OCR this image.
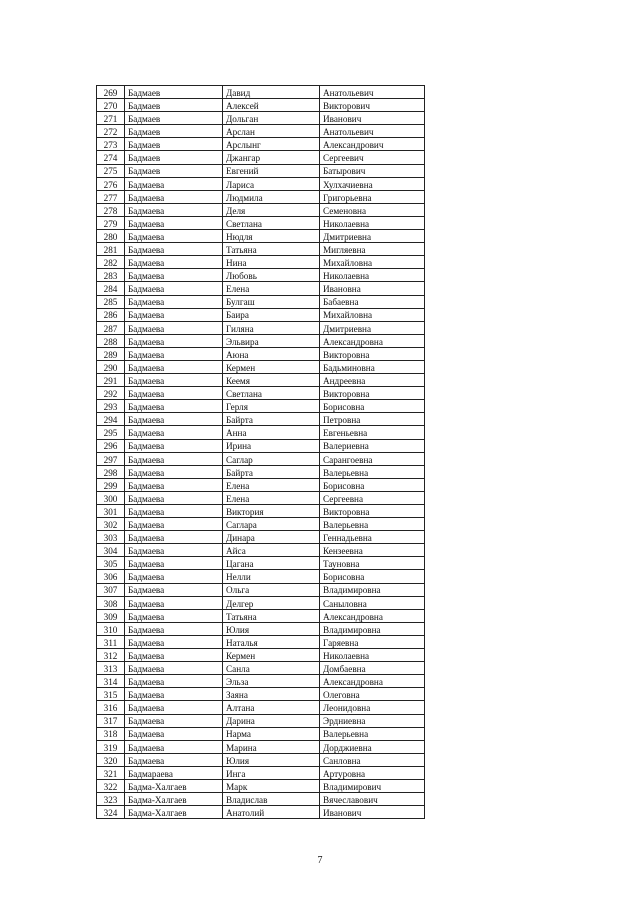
269	Бадмаев	Давид	Анатольевич
270	Бадмаев	Алексей	Викторович
271	Бадмаев	Дольган	Иванович
272	Бадмаев	Арслан	Анатольевич
273	Бадмаев	Арслынг	Александрович
274	Бадмаев	Джангар	Сергеевич
275	Бадмаев	Евгений	Батырович
276	Бадмаева	Лариса	Хулхачиевна
277	Бадмаева	Людмила	Григорьевна
278	Бадмаева	Деля	Семеновна
279	Бадмаева	Светлана	Николаевна
280	Бадмаева	Нюдля	Дмитриевна
281	Бадмаева	Татьяна	Мигляевна
282	Бадмаева	Нина	Михайловна
283	Бадмаева	Любовь	Николаевна
284	Бадмаева	Елена	Ивановна
285	Бадмаева	Булгаш	Бабаевна
286	Бадмаева	Баира	Михайловна
287	Бадмаева	Гиляна	Дмитриевна
288	Бадмаева	Эльвира	Александровна
289	Бадмаева	Аюна	Викторовна
290	Бадмаева	Кермен	Бадьминовна
291	Бадмаева	Кеемя	Андреевна
292	Бадмаева	Светлана	Викторовна
293	Бадмаева	Герля	Борисовна
294	Бадмаева	Байрта	Петровна
295	Бадмаева	Анна	Евгеньевна
296	Бадмаева	Ирина	Валериевна
297	Бадмаева	Саглар	Сарангоевна
298	Бадмаева	Байрта	Валерьевна
299	Бадмаева	Елена	Борисовна
300	Бадмаева	Елена	Сергеевна
301	Бадмаева	Виктория	Викторовна
302	Бадмаева	Саглара	Валерьевна
303	Бадмаева	Динара	Геннадьевна
304	Бадмаева	Айса	Кензеевна
305	Бадмаева	Цагана	Тауновна
306	Бадмаева	Нелли	Борисовна
307	Бадмаева	Ольга	Владимировна
308	Бадмаева	Делгер	Саныловна
309	Бадмаева	Татьяна	Александровна
310	Бадмаева	Юлия	Владимировна
311	Бадмаева	Наталья	Гаряевна
312	Бадмаева	Кермен	Николаевна
313	Бадмаева	Санла	Домбаевна
314	Бадмаева	Эльза	Александровна
315	Бадмаева	Заяна	Олеговна
316	Бадмаева	Алтана	Леонидовна
317	Бадмаева	Дарина	Эрдниевна
318	Бадмаева	Нарма	Валерьевна
319	Бадмаева	Марина	Дорджиевна
320	Бадмаева	Юлия	Санловна
321	Бадмараева	Инга	Артуровна
322	Бадма-Халгаев	Марк	Владимирович
323	Бадма-Халгаев	Владислав	Вячеславович
324	Бадма-Халгаев	Анатолий	Иванович
7
